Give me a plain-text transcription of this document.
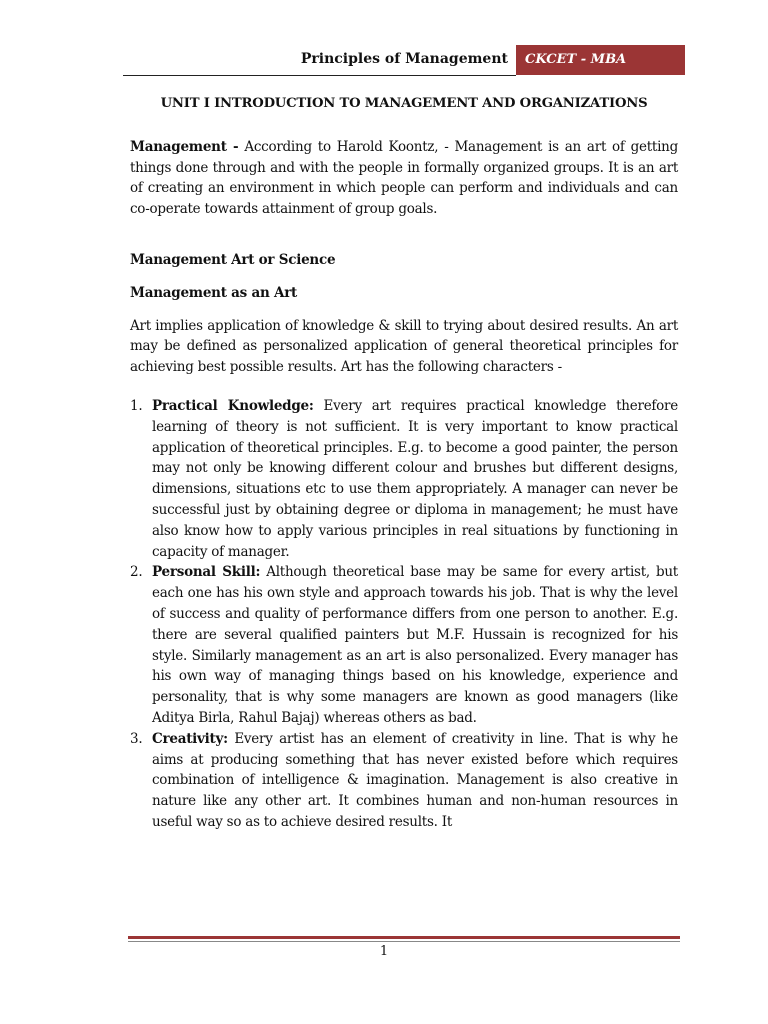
Principles of Management	CKCET - MBA
UNIT I INTRODUCTION TO MANAGEMENT AND ORGANIZATIONS

Management - According to Harold Koontz, - Management is an art of getting things done through and with the people in formally organized groups. It is an art of creating an environment in which people can perform and individuals and can co-operate towards attainment of group goals.

Management Art or Science
Management as an Art

Art implies application of knowledge & skill to trying about desired results. An art may be defined as personalized application of general theoretical principles for achieving best possible results. Art has the following characters -

1. Practical Knowledge: Every art requires practical knowledge therefore learning of theory is not sufficient. It is very important to know practical application of theoretical principles. E.g. to become a good painter, the person may not only be knowing different colour and brushes but different designs, dimensions, situations etc to use them appropriately. A manager can never be successful just by obtaining degree or diploma in management; he must have also know how to apply various principles in real situations by functioning in capacity of manager.
2. Personal Skill: Although theoretical base may be same for every artist, but each one has his own style and approach towards his job. That is why the level of success and quality of performance differs from one person to another. E.g. there are several qualified painters but M.F. Hussain is recognized for his style. Similarly management as an art is also personalized. Every manager has his own way of managing things based on his knowledge, experience and personality, that is why some managers are known as good managers (like Aditya Birla, Rahul Bajaj) whereas others as bad.
3. Creativity: Every artist has an element of creativity in line. That is why he aims at producing something that has never existed before which requires combination of intelligence & imagination. Management is also creative in nature like any other art. It combines human and non-human resources in useful way so as to achieve desired results. It
1
